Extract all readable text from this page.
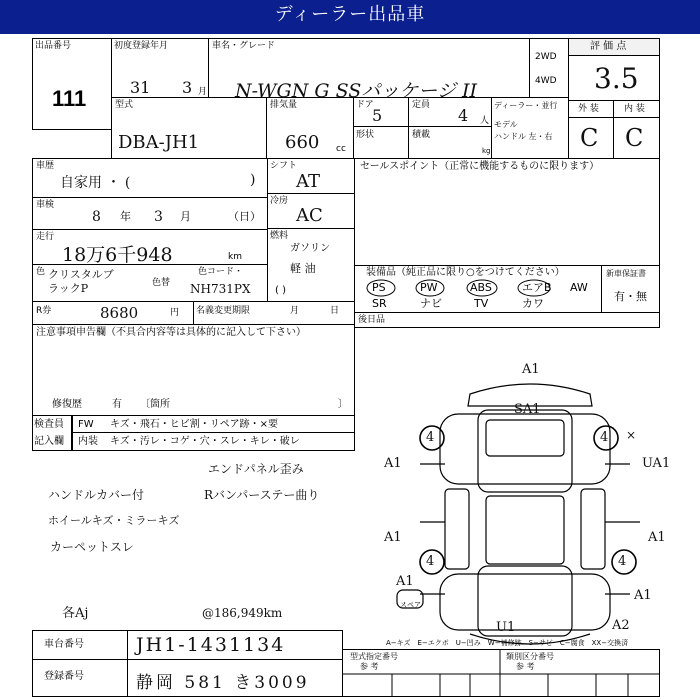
ディーラー出品車
出品番号
111
初度登録年月
31 3 月
車名・グレード
N-WGN G SSパッケージ II
2WD
4WD
評 価 点
3.5
型式
DBA-JH1
排気量
660 cc
ドア
5
定員
4 人
ディーラー・並行
モデル
ハンドル 左・右
形状	積載
kg
外 装	内 装
C C
車歴
自家用 ・ (	)
車検
8 年 3 月	（日）
走行
18万6千948	km
色 クリスタルブラックP	色替
色コード・
NH731PX
R券	8680	円 名義変更期限	月	日
シフト
AT
冷房
AC
燃料
ガソリン
軽 油
( )
セールスポイント（正常に機能するものに限ります）
装備品（純正品に限り○をつけてください）
PS	PW	ABS	エアB AW
SR	ナビ	TV	カワ
新車保証書
有・無
後日品
注意事項申告欄（不具合内容等は具体的に記入して下さい）
修復歴	有 〔箇所	〕
検査員
記入欄
FW キズ・飛石・ヒビ割・リペア跡・×要
内装 キズ・汚レ・コゲ・穴・スレ・キレ・破レ
エンドパネル歪み
ハンドルカバー付	Rバンパーステー曲り
ホイールキズ・ミラーキズ
カーペットスレ
各Aj	@186,949km
A1
SA1
4	4
A1
×
UA1
A1
4	4
A1
A1
A1
A2
U1
スペア
A−キズ　E−エクボ　U−凹み　W−補修跡　S−サビ　C−腐食　XX−交換済
車台番号	JH1-1431134
登録番号	静岡 581 き3009
型式指定番号
参 考
類別区分番号
参 考
